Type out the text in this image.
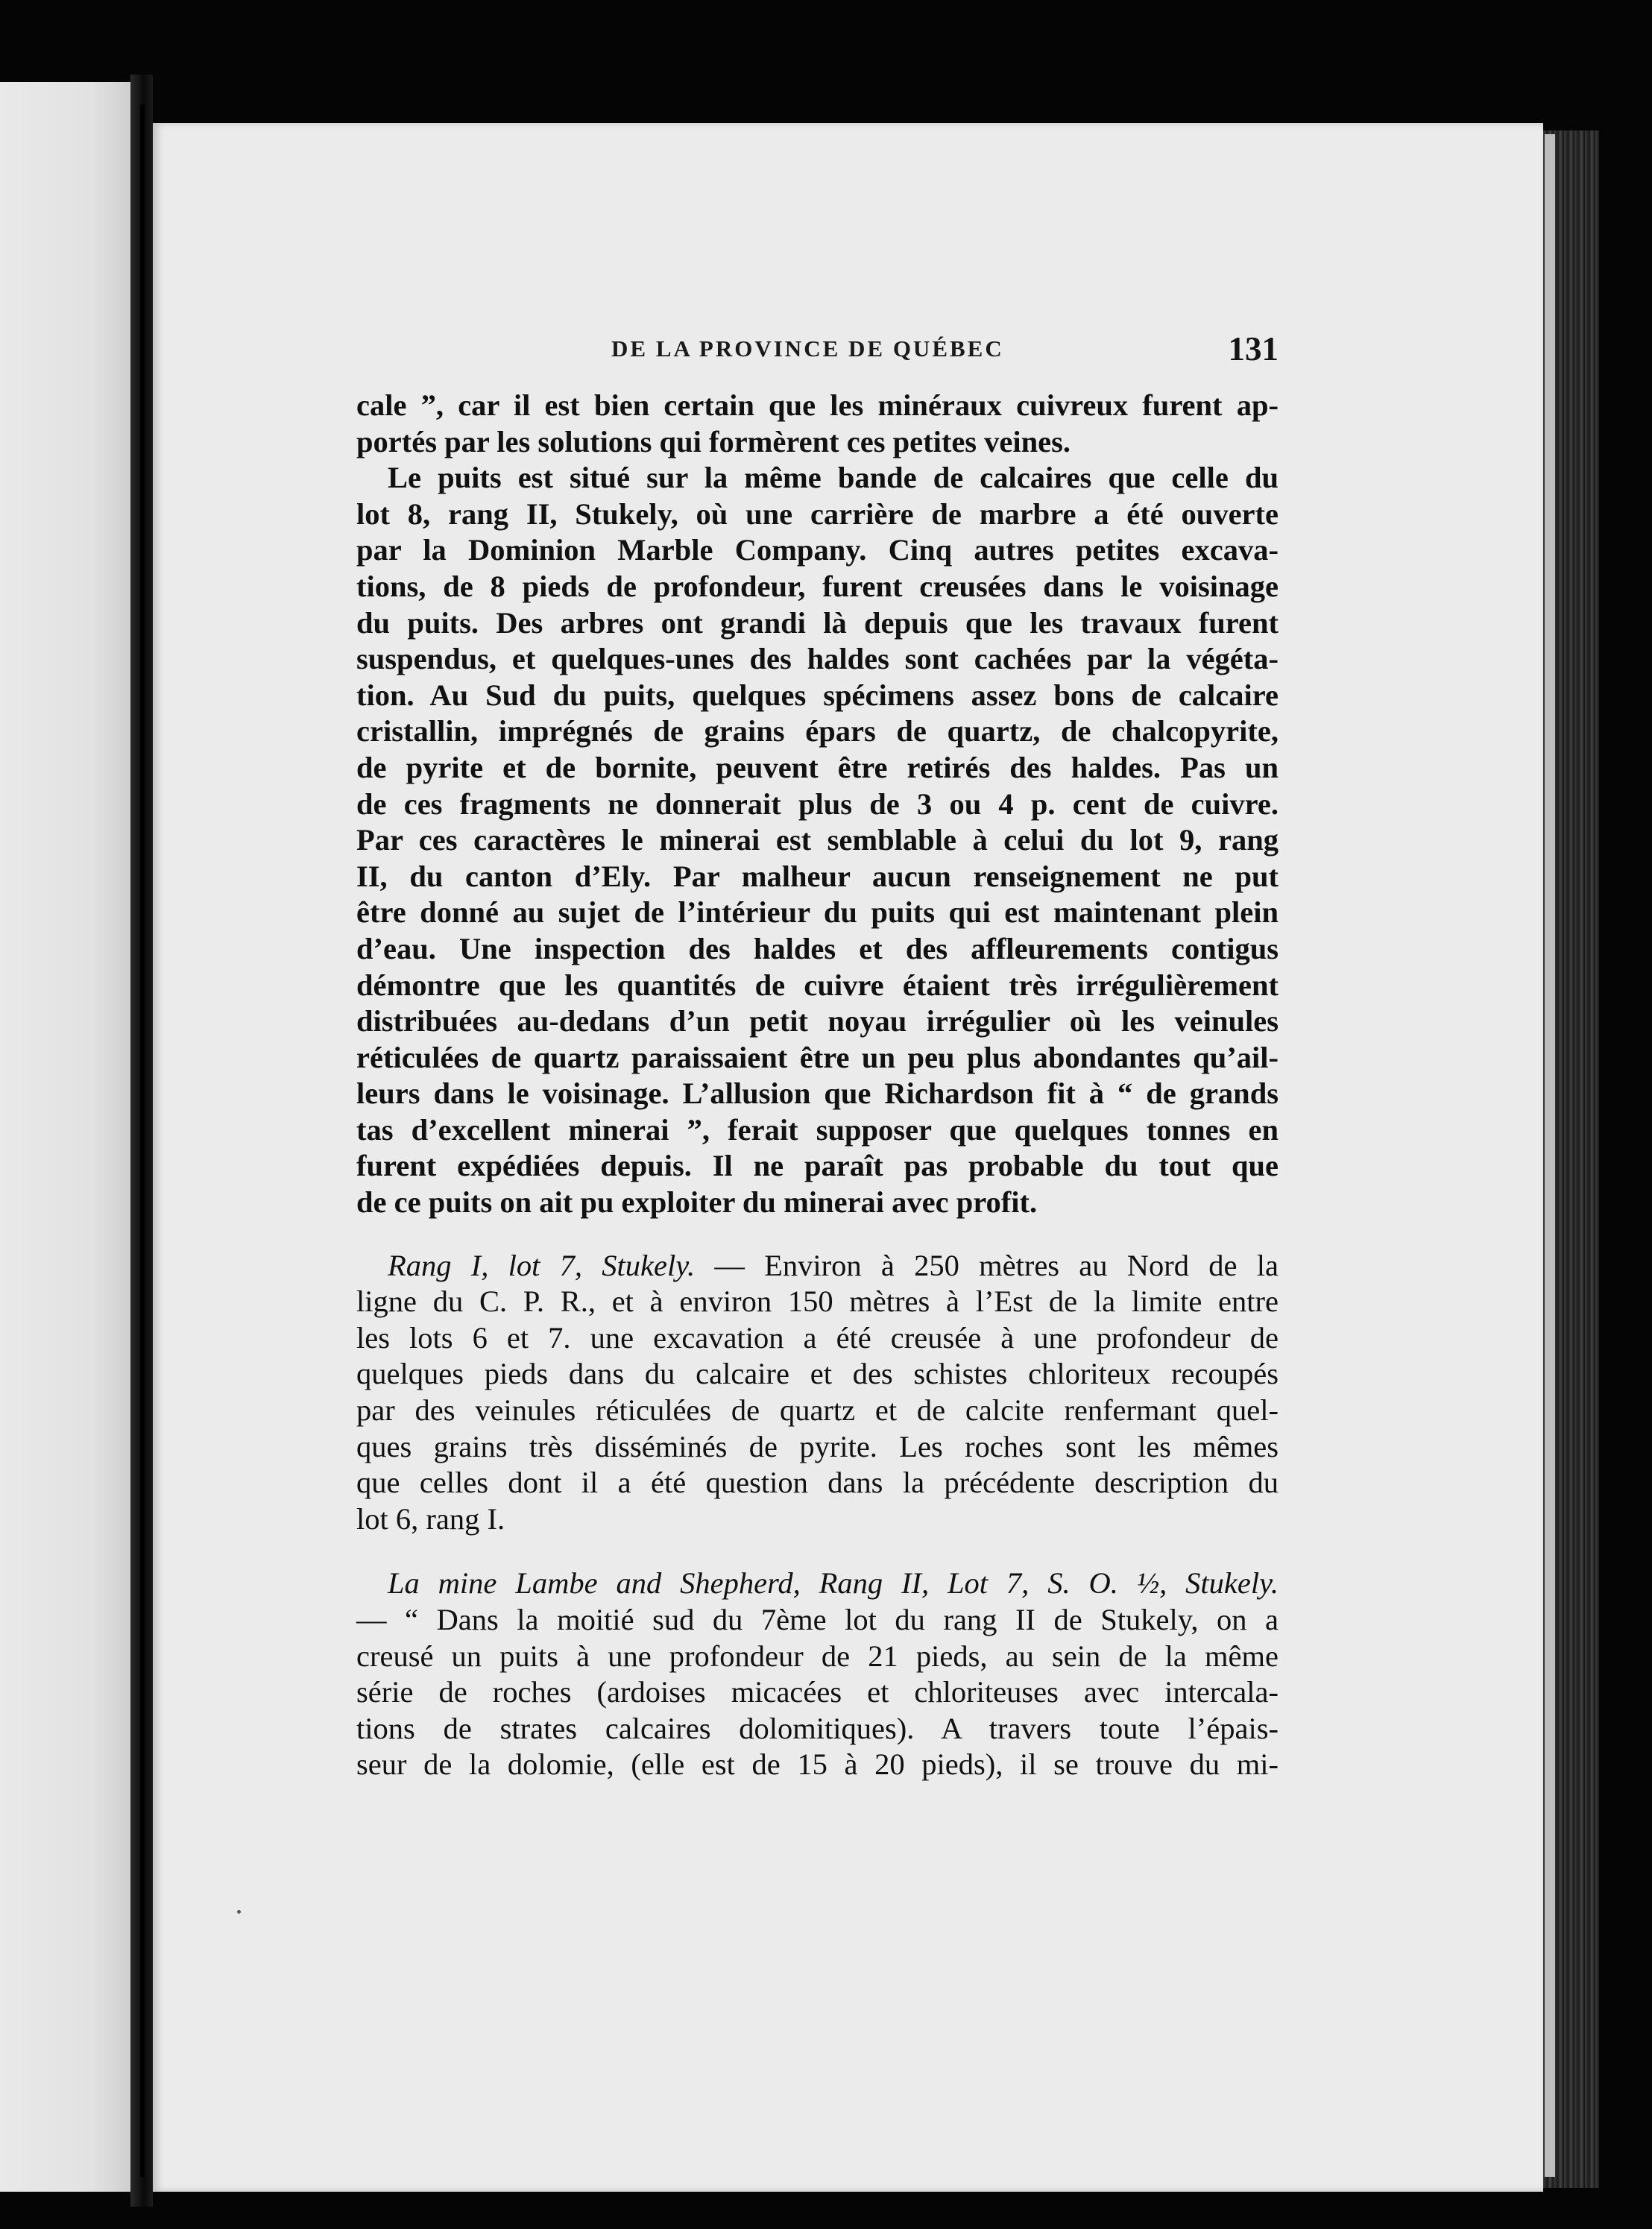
DE LA PROVINCE DE QUÉBEC	131
cale ”, car il est bien certain que les minéraux cuivreux furent ap-
portés par les solutions qui formèrent ces petites veines.
Le puits est situé sur la même bande de calcaires que celle du
lot 8, rang II, Stukely, où une carrière de marbre a été ouverte
par la Dominion Marble Company. Cinq autres petites excava-
tions, de 8 pieds de profondeur, furent creusées dans le voisinage
du puits. Des arbres ont grandi là depuis que les travaux furent
suspendus, et quelques-unes des haldes sont cachées par la végéta-
tion. Au Sud du puits, quelques spécimens assez bons de calcaire
cristallin, imprégnés de grains épars de quartz, de chalcopyrite,
de pyrite et de bornite, peuvent être retirés des haldes. Pas un
de ces fragments ne donnerait plus de 3 ou 4 p. cent de cuivre.
Par ces caractères le minerai est semblable à celui du lot 9, rang
II, du canton d’Ely. Par malheur aucun renseignement ne put
être donné au sujet de l’intérieur du puits qui est maintenant plein
d’eau. Une inspection des haldes et des affleurements contigus
démontre que les quantités de cuivre étaient très irrégulièrement
distribuées au-dedans d’un petit noyau irrégulier où les veinules
réticulées de quartz paraissaient être un peu plus abondantes qu’ail-
leurs dans le voisinage. L’allusion que Richardson fit à “ de grands
tas d’excellent minerai ”, ferait supposer que quelques tonnes en
furent expédiées depuis. Il ne paraît pas probable du tout que
de ce puits on ait pu exploiter du minerai avec profit.
Rang I, lot 7, Stukely. — Environ à 250 mètres au Nord de la
ligne du C. P. R., et à environ 150 mètres à l’Est de la limite entre
les lots 6 et 7. une excavation a été creusée à une profondeur de
quelques pieds dans du calcaire et des schistes chloriteux recoupés
par des veinules réticulées de quartz et de calcite renfermant quel-
ques grains très disséminés de pyrite. Les roches sont les mêmes
que celles dont il a été question dans la précédente description du
lot 6, rang I.
La mine Lambe and Shepherd, Rang II, Lot 7, S. O. ½, Stukely.
— “ Dans la moitié sud du 7ème lot du rang II de Stukely, on a
creusé un puits à une profondeur de 21 pieds, au sein de la même
série de roches (ardoises micacées et chloriteuses avec intercala-
tions de strates calcaires dolomitiques). A travers toute l’épais-
seur de la dolomie, (elle est de 15 à 20 pieds), il se trouve du mi-
